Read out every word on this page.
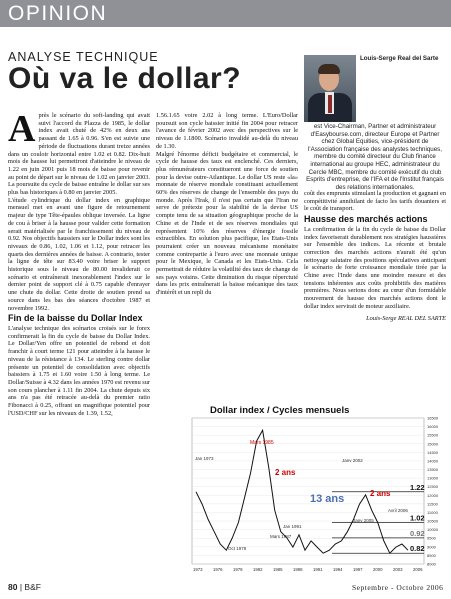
OPINION
ANALYSE TECHNIQUE
Où va le dollar?
Louis-Serge Real del Sarte
est Vice-Chairman, Partner et administrateur d'Easybourse.com, directeur Europe et Partner chez Global Equities, vice-président de l'Association française des analystes techniques, membre du comité directeur du Club finance international au groupe HEC, administrateur du Cercle MBC, membre du comité exécutif du club Esprits d'entreprise, de l'IFA et de l'Institut français des relations internationales.
A près le scénario du soft-landing qui avait suivi l'accord du Plazza de 1985, le dollar index avait chuté de 42% en deux ans passant de 1.65 à 0.96. S'en est suivie une période de fluctuations durant treize années dans un couloir horizontal entre 1.02 et 0.82. Dix-huit mois de hausse lui permettront d'atteindre le niveau de 1.22 en juin 2001 puis 18 mois de baisse pour revenir au point de départ sur le niveau de 1.02 en janvier 2003. La poursuite du cycle de baisse entraîne le dollar sur ses plus bas historiques à 0.80 en janvier 2005.
L'étude cylindrique du dollar index en graphique mensuel met en avant une figure de retournement majeur de type Tête-épaules oblique inversée. La ligne de cou à briser à la hausse pour valider cette formation serait matérialisée par le franchissement du niveau de 0.92. Nos objectifs haussiers sur le Dollar index sont les niveaux de 0.86, 1.02, 1.06 et 1.12, pour retracer les quarts des dernières années de baisse. A contrario, tester la ligne de tête sur 83.40 voire briser le support historique sous le niveau de 80.00 invaliderait ce scénario et entraînerait inexorablement l'index sur le dernier point de support clé à 0.75 capable d'enrayer une chute du dollar. Cette droite de soutien prend sa source dans les bas des séances d'octobre 1987 et novembre 1992.
Fin de la baisse du Dollar Index
L'analyse technique des scénarios croisés sur le forex confirmerait la fin du cycle de baisse du Dollar Index. Le Dollar/Yen offre un potentiel de rebond et doit franchir à court terme 121 pour atteindre à la hausse le niveau de la résistance à 134. Le sterling contre dollar présente un potentiel de consolidation avec objectifs baissiers à 1.75 et 1.60 voire 1.50 à long terme. Le Dollar/Suisse à 4.32 dans les années 1970 est revenu sur son cours plancher à 1.11 fin 2004. La chute depuis six ans n'a pas été retracée au-delà du premier ratio Fibonacci à 0.25, offrant un magnifique potentiel pour l'USD/CHF sur les niveaux de 1.39, 1.52,
1.56.1.65 voire 2.02 à long terme. L'Euro/Dollar poursuit son cycle baissier initié fin 2004 pour retracer l'avance de février 2002 avec des perspectives sur le niveau de 1.1800. Scénario invalidé au-delà du niveau de 1.30.
Malgré l'énorme déficit budgétaire et commercial, le cycle de hausse des taux est enclenché. Ces derniers, plus rémunérateurs constitueront une force de soutien pour la devise outre-Atlantique. Le dollar US reste «la» monnaie de réserve mondiale constituant actuellement 60% des réserves de change de l'ensemble des pays du monde. Après l'Irak, il n'est pas certain que l'Iran ne serve de prétexte pour la stabilité de la devise US compte tenu de sa situation géographique proche de la Chine et de l'Inde et de ses réserves mondiales qui représentent 10% des réserves d'énergie fossile extractibles. En solution plus pacifique, les Etats-Unis pourraient créer un nouveau mécanisme monétaire comme contrepartie à l'euro avec une monnaie unique pour le Mexique, le Canada et les Etats-Unis. Cela permettrait de réduire la volatilité des taux de change de ses pays voisins. Cette diminution du risque réperctuté dans les prix entraînerait la baisse mécanique des taux d'intérêt et un repli du
coût des emprunts stimulant la production et gagnant en compétitivité annihilant de facto les tarifs douaniers et le coût de transport.
Hausse des marchés actions
La confirmation de la fin du cycle de baisse du Dollar index favoriserait durablement nos stratégies haussières sur l'ensemble des indices. La récente et brutale correction des marchés actions n'aurait été qu'un nettoyage salutaire des positions spéculatives anticipant le scénario de forte croissance mondiale tirée par la Chine avec l'Inde dans une moindre mesure et des tensions inhérentes aux coûts prohibitifs des matières premières. Nous serions donc au cœur d'un formidable mouvement de hausse des marchés actions dont le dollar index servirait de moteur auxiliaire.
Louis-Serge REAL DEL SARTE
Dollar index / Cycles mensuels
8000
8500
9000
9500
10000
10500
11000
11500
12000
12500
13000
13500
14000
14500
15000
15500
16000
16500
1973 1976 1979 1982 1985 1988 1991 1994 1997 2000 2003 2006
1.22
1.02
0.92
0.82
Jan 1973
Oct 1978
Mars 1985
Mars 1987
Jan 1991
Janv 2002
Avril 2006
2 ans
13 ans	2 ans
Janv 2005
80 | B&F	Septembre - Octobre 2006
